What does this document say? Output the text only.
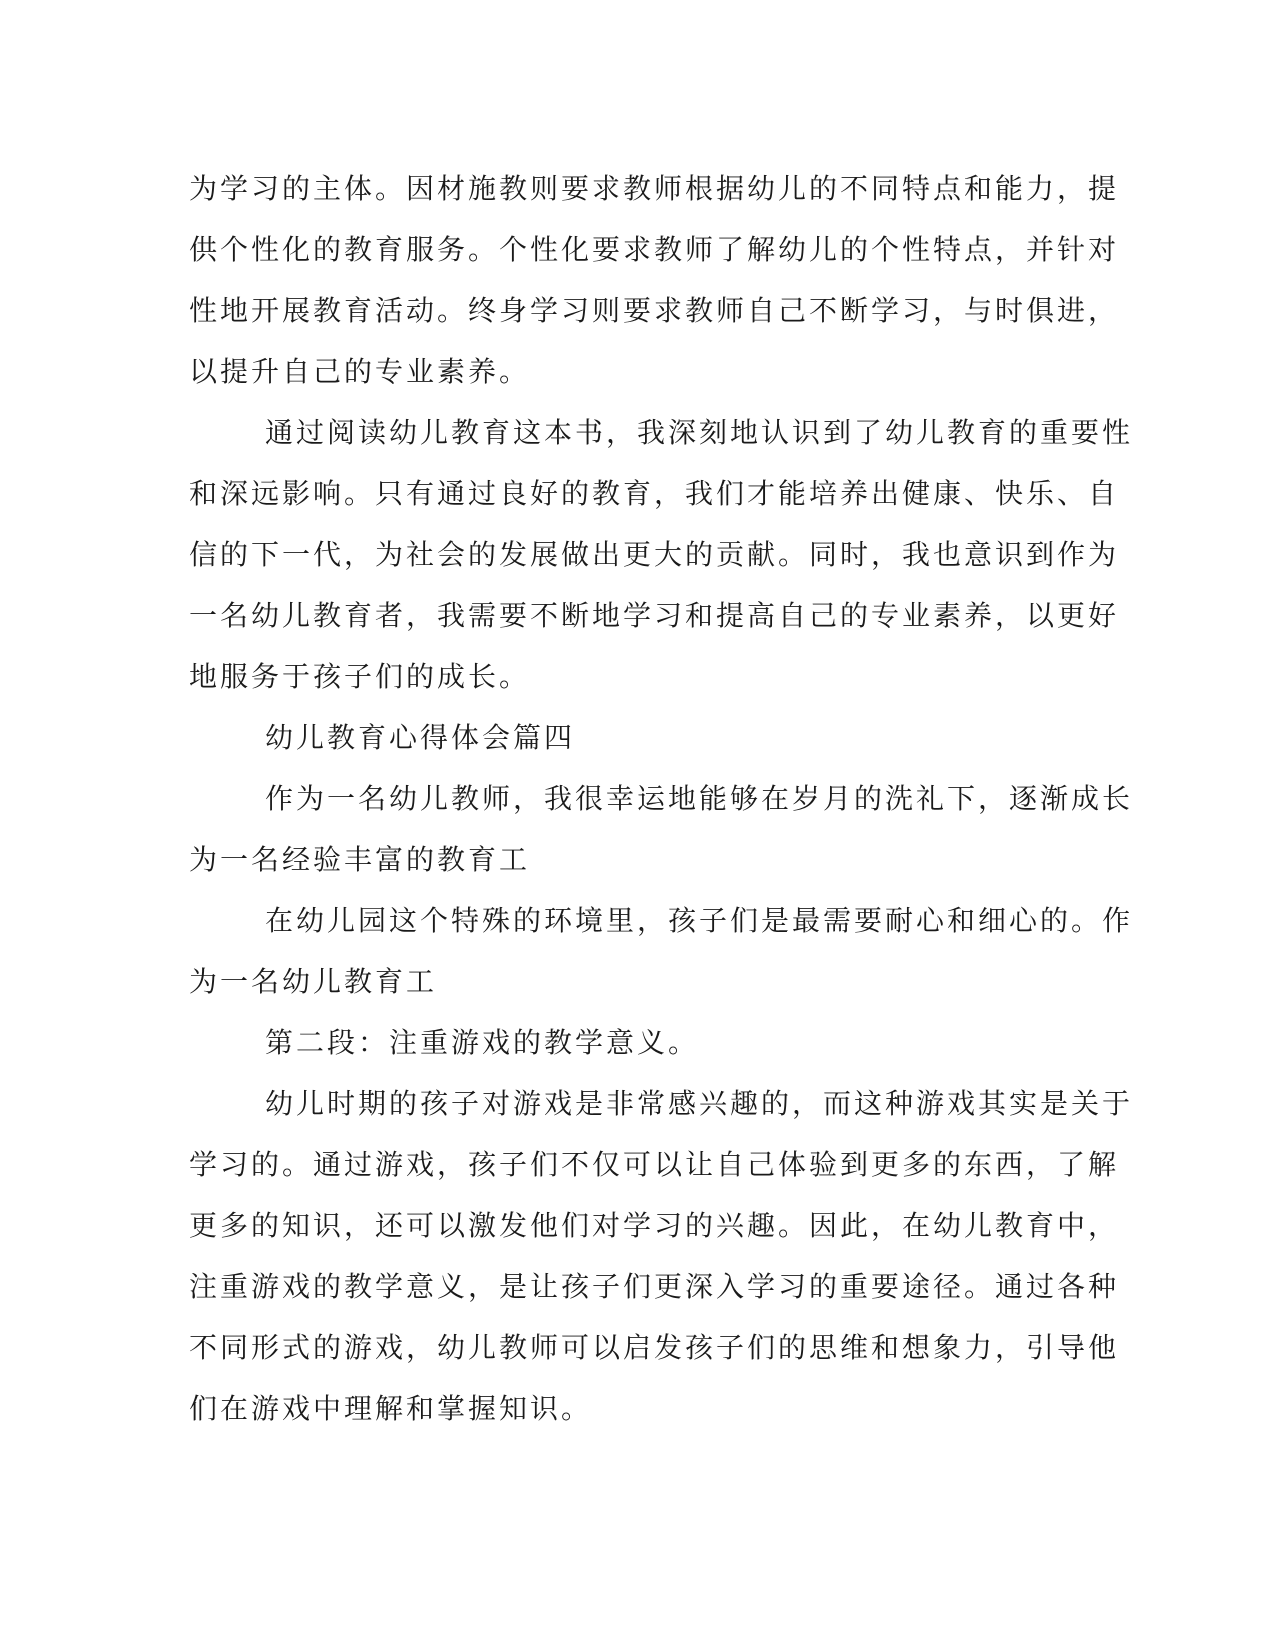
为学习的主体。因材施教则要求教师根据幼儿的不同特点和能力，提
供个性化的教育服务。个性化要求教师了解幼儿的个性特点，并针对
性地开展教育活动。终身学习则要求教师自己不断学习，与时俱进，
以提升自己的专业素养。
通过阅读幼儿教育这本书，我深刻地认识到了幼儿教育的重要性
和深远影响。只有通过良好的教育，我们才能培养出健康、快乐、自
信的下一代，为社会的发展做出更大的贡献。同时，我也意识到作为
一名幼儿教育者，我需要不断地学习和提高自己的专业素养，以更好
地服务于孩子们的成长。
幼儿教育心得体会篇四
作为一名幼儿教师，我很幸运地能够在岁月的洗礼下，逐渐成长
为一名经验丰富的教育工
在幼儿园这个特殊的环境里，孩子们是最需要耐心和细心的。作
为一名幼儿教育工
第二段：注重游戏的教学意义。
幼儿时期的孩子对游戏是非常感兴趣的，而这种游戏其实是关于
学习的。通过游戏，孩子们不仅可以让自己体验到更多的东西，了解
更多的知识，还可以激发他们对学习的兴趣。因此，在幼儿教育中，
注重游戏的教学意义，是让孩子们更深入学习的重要途径。通过各种
不同形式的游戏，幼儿教师可以启发孩子们的思维和想象力，引导他
们在游戏中理解和掌握知识。
